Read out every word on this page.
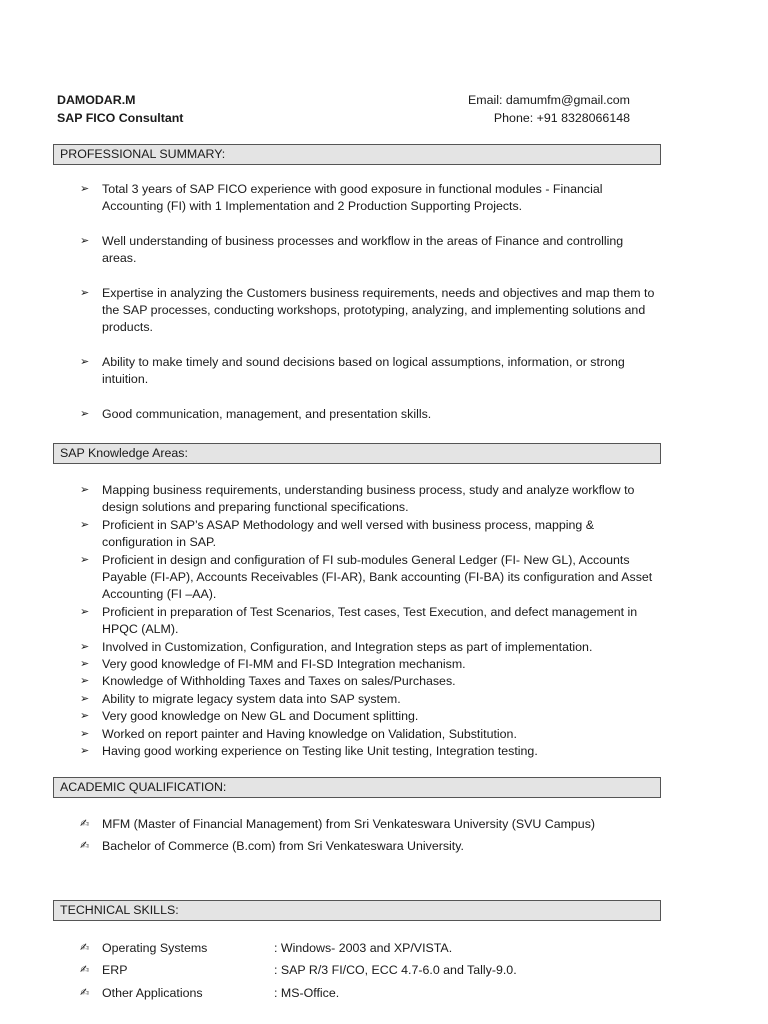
DAMODAR.M
SAP FICO Consultant
Email: damumfm@gmail.com
Phone: +91 8328066148
PROFESSIONAL SUMMARY:
➢	Total 3 years of SAP FICO experience with good exposure in functional modules - Financial Accounting (FI) with 1 Implementation and 2 Production Supporting Projects.
➢	Well understanding of business processes and workflow in the areas of Finance and controlling areas.
➢	Expertise in analyzing the Customers business requirements, needs and objectives and map them to the SAP processes, conducting workshops, prototyping, analyzing, and implementing solutions and products.
➢	Ability to make timely and sound decisions based on logical assumptions, information, or strong intuition.
➢	Good communication, management, and presentation skills.
SAP Knowledge Areas:
➢	Mapping business requirements, understanding business process, study and analyze workflow to design solutions and preparing functional specifications.
➢	Proficient in SAP’s ASAP Methodology and well versed with business process, mapping & configuration in SAP.
➢	Proficient in design and configuration of FI sub-modules General Ledger (FI- New GL), Accounts Payable (FI-AP), Accounts Receivables (FI-AR), Bank accounting (FI-BA) its configuration and Asset Accounting (FI –AA).
➢	Proficient in preparation of Test Scenarios, Test cases, Test Execution, and defect management in HPQC (ALM).
➢	Involved in Customization, Configuration, and Integration steps as part of implementation.
➢	Very good knowledge of FI-MM and FI-SD Integration mechanism.
➢	Knowledge of Withholding Taxes and Taxes on sales/Purchases.
➢	Ability to migrate legacy system data into SAP system.
➢	Very good knowledge on New GL and Document splitting.
➢	Worked on report painter and Having knowledge on Validation, Substitution.
➢	Having good working experience on Testing like Unit testing, Integration testing.
ACADEMIC QUALIFICATION:
✍	MFM (Master of Financial Management) from Sri Venkateswara University (SVU Campus)
✍	Bachelor of Commerce (B.com) from Sri Venkateswara University.
TECHNICAL SKILLS:
✍ Operating Systems	: Windows- 2003 and XP/VISTA.
✍ ERP	: SAP R/3 FI/CO, ECC 4.7-6.0 and Tally-9.0.
✍ Other Applications	: MS-Office.
